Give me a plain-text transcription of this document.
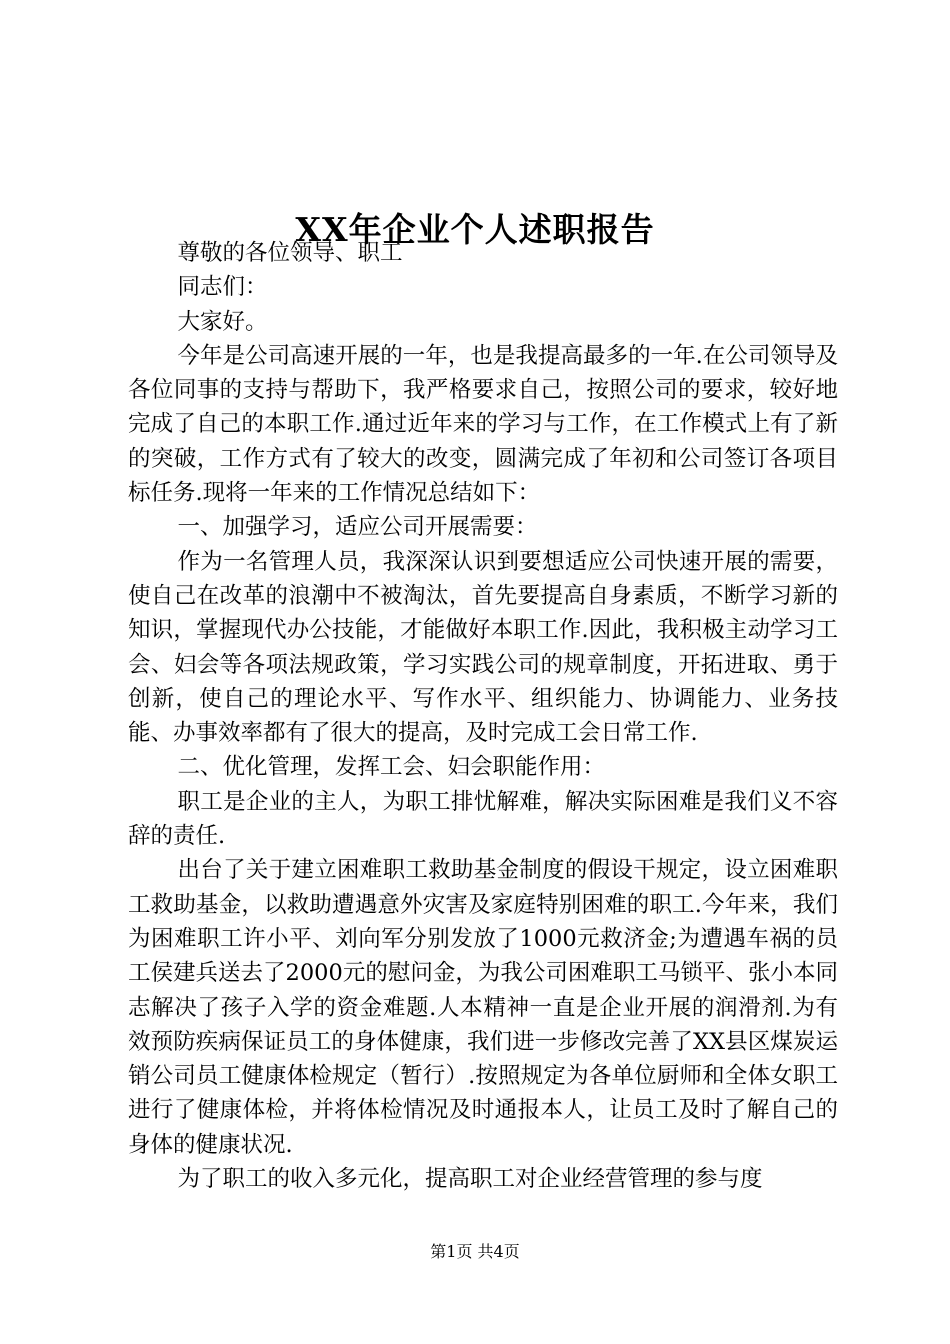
XX年企业个人述职报告

尊敬的各位领导、职工

同志们：

大家好。

今年是公司高速开展的一年，也是我提高最多的一年.在公司领导及各位同事的支持与帮助下，我严格要求自己，按照公司的要求，较好地完成了自己的本职工作.通过近年来的学习与工作，在工作模式上有了新的突破，工作方式有了较大的改变，圆满完成了年初和公司签订各项目标任务.现将一年来的工作情况总结如下：

一、加强学习，适应公司开展需要：

作为一名管理人员，我深深认识到要想适应公司快速开展的需要，使自己在改革的浪潮中不被淘汰，首先要提高自身素质，不断学习新的知识，掌握现代办公技能，才能做好本职工作.因此，我积极主动学习工会、妇会等各项法规政策，学习实践公司的规章制度，开拓进取、勇于创新，使自己的理论水平、写作水平、组织能力、协调能力、业务技能、办事效率都有了很大的提高，及时完成工会日常工作.

二、优化管理，发挥工会、妇会职能作用：

职工是企业的主人，为职工排忧解难，解决实际困难是我们义不容辞的责任.

出台了关于建立困难职工救助基金制度的假设干规定，设立困难职工救助基金，以救助遭遇意外灾害及家庭特别困难的职工.今年来，我们为困难职工许小平、刘向军分别发放了1000元救济金;为遭遇车祸的员工侯建兵送去了2000元的慰问金，为我公司困难职工马锁平、张小本同志解决了孩子入学的资金难题.人本精神一直是企业开展的润滑剂.为有效预防疾病保证员工的身体健康，我们进一步修改完善了XX县区煤炭运销公司员工健康体检规定（暂行）.按照规定为各单位厨师和全体女职工进行了健康体检，并将体检情况及时通报本人，让员工及时了解自己的身体的健康状况.

为了职工的收入多元化，提高职工对企业经营管理的参与度

第1页 共4页
